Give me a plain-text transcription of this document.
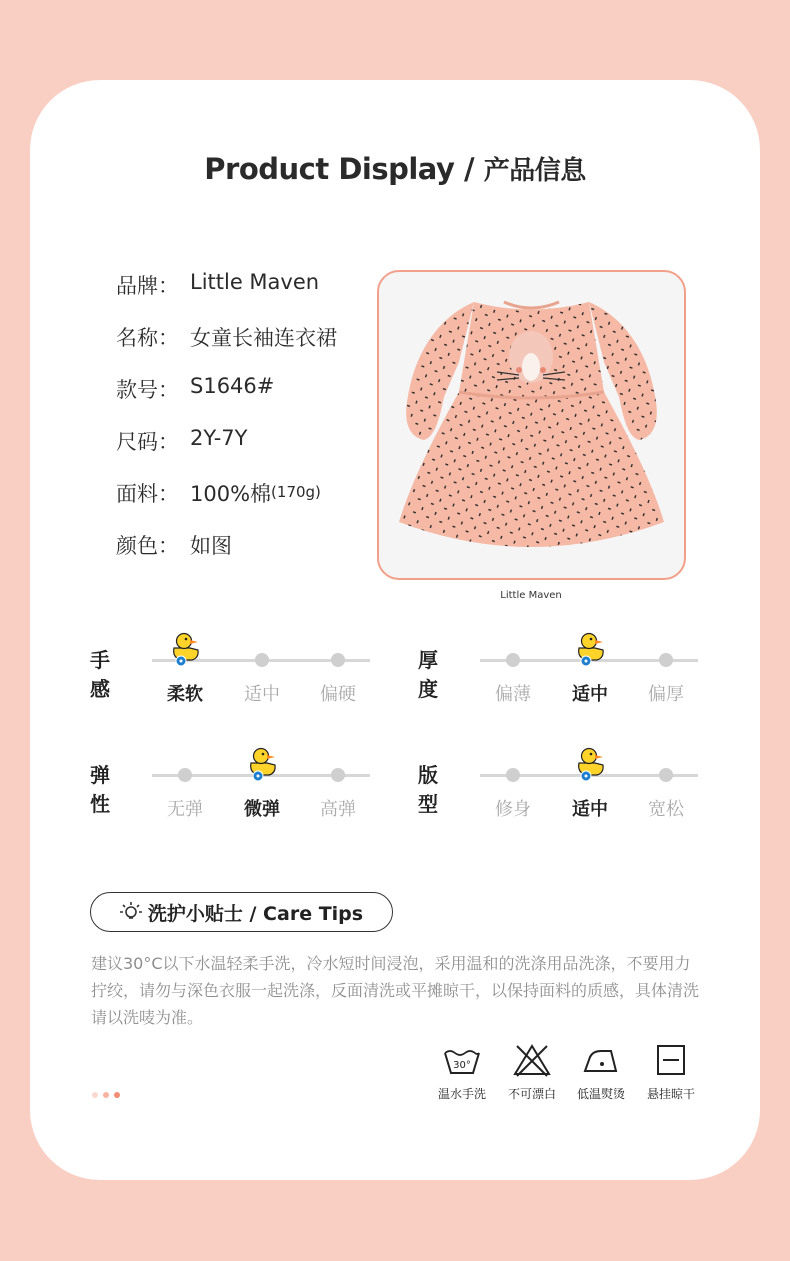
Product Display / 产品信息
品牌： Little Maven
名称： 女童长袖连衣裙
款号： S1646#
尺码： 2Y-7Y
面料： 100%棉 (170g)
颜色： 如图
Little Maven
手感	柔软	适中	偏硬
厚度	偏薄	适中	偏厚
弹性	无弹	微弹	高弹
版型	修身	适中	宽松
洗护小贴士 / Care Tips
建议30°C以下水温轻柔手洗，冷水短时间浸泡，采用温和的洗涤用品洗涤，不要用力拧绞，请勿与深色衣服一起洗涤，反面清洗或平摊晾干，以保持面料的质感，具体清洗请以洗唛为准。
30°
温水手洗	不可漂白	低温熨烫	悬挂晾干
